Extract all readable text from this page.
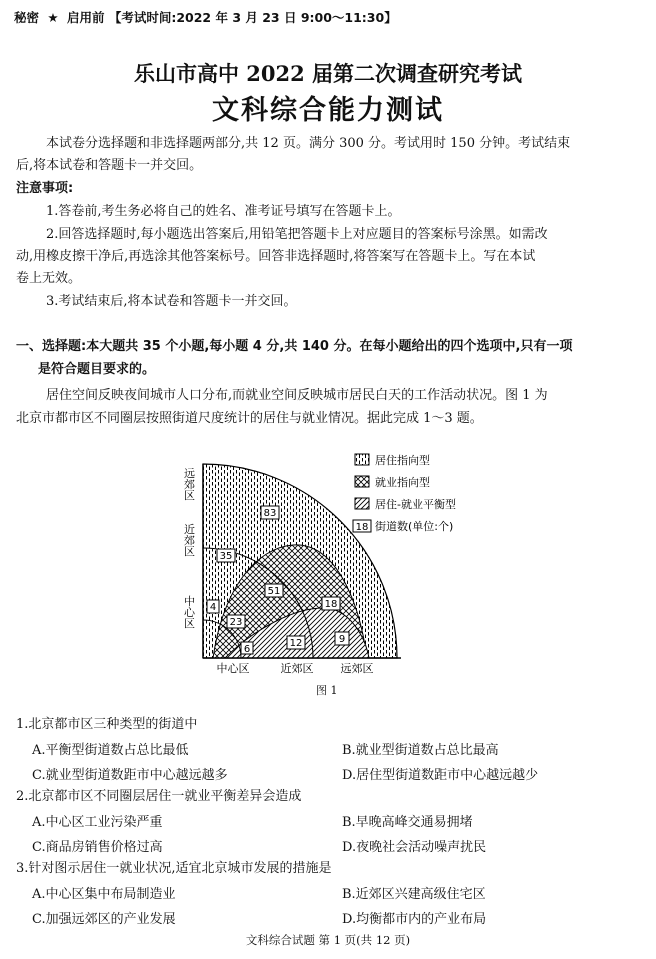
秘密 ★ 启用前 【考试时间:2022 年 3 月 23 日 9:00～11:30】
乐山市高中 2022 届第二次调查研究考试
文科综合能力测试
本试卷分选择题和非选择题两部分,共 12 页。满分 300 分。考试用时 150 分钟。考试结束
后,将本试卷和答题卡一并交回。
注意事项:
1.答卷前,考生务必将自己的姓名、准考证号填写在答题卡上。
2.回答选择题时,每小题选出答案后,用铅笔把答题卡上对应题目的答案标号涂黑。如需改
动,用橡皮擦干净后,再选涂其他答案标号。回答非选择题时,将答案写在答题卡上。写在本试
卷上无效。
3.考试结束后,将本试卷和答题卡一并交回。
一、选择题:本大题共 35 个小题,每小题 4 分,共 140 分。在每小题给出的四个选项中,只有一项
是符合题目要求的。
居住空间反映夜间城市人口分布,而就业空间反映城市居民白天的工作活动状况。图 1 为
北京市都市区不同圈层按照街道尺度统计的居住与就业情况。据此完成 1～3 题。
83
35
4
51
23
18
6
12	9
远郊区
近郊区
中心区
中心区	近郊区 远郊区
居住指向型
就业指向型
居住-就业平衡型
18 街道数(单位:个)
图 1
1.北京都市区三种类型的街道中
A.平衡型街道数占总比最低	B.就业型街道数占总比最高
C.就业型街道数距市中心越远越多	D.居住型街道数距市中心越远越少
2.北京都市区不同圈层居住一就业平衡差异会造成
A.中心区工业污染严重	B.早晚高峰交通易拥堵
C.商品房销售价格过高	D.夜晚社会活动噪声扰民
3.针对图示居住一就业状况,适宜北京城市发展的措施是
A.中心区集中布局制造业	B.近郊区兴建高级住宅区
C.加强远郊区的产业发展	D.均衡都市内的产业布局
文科综合试题 第 1 页(共 12 页)
